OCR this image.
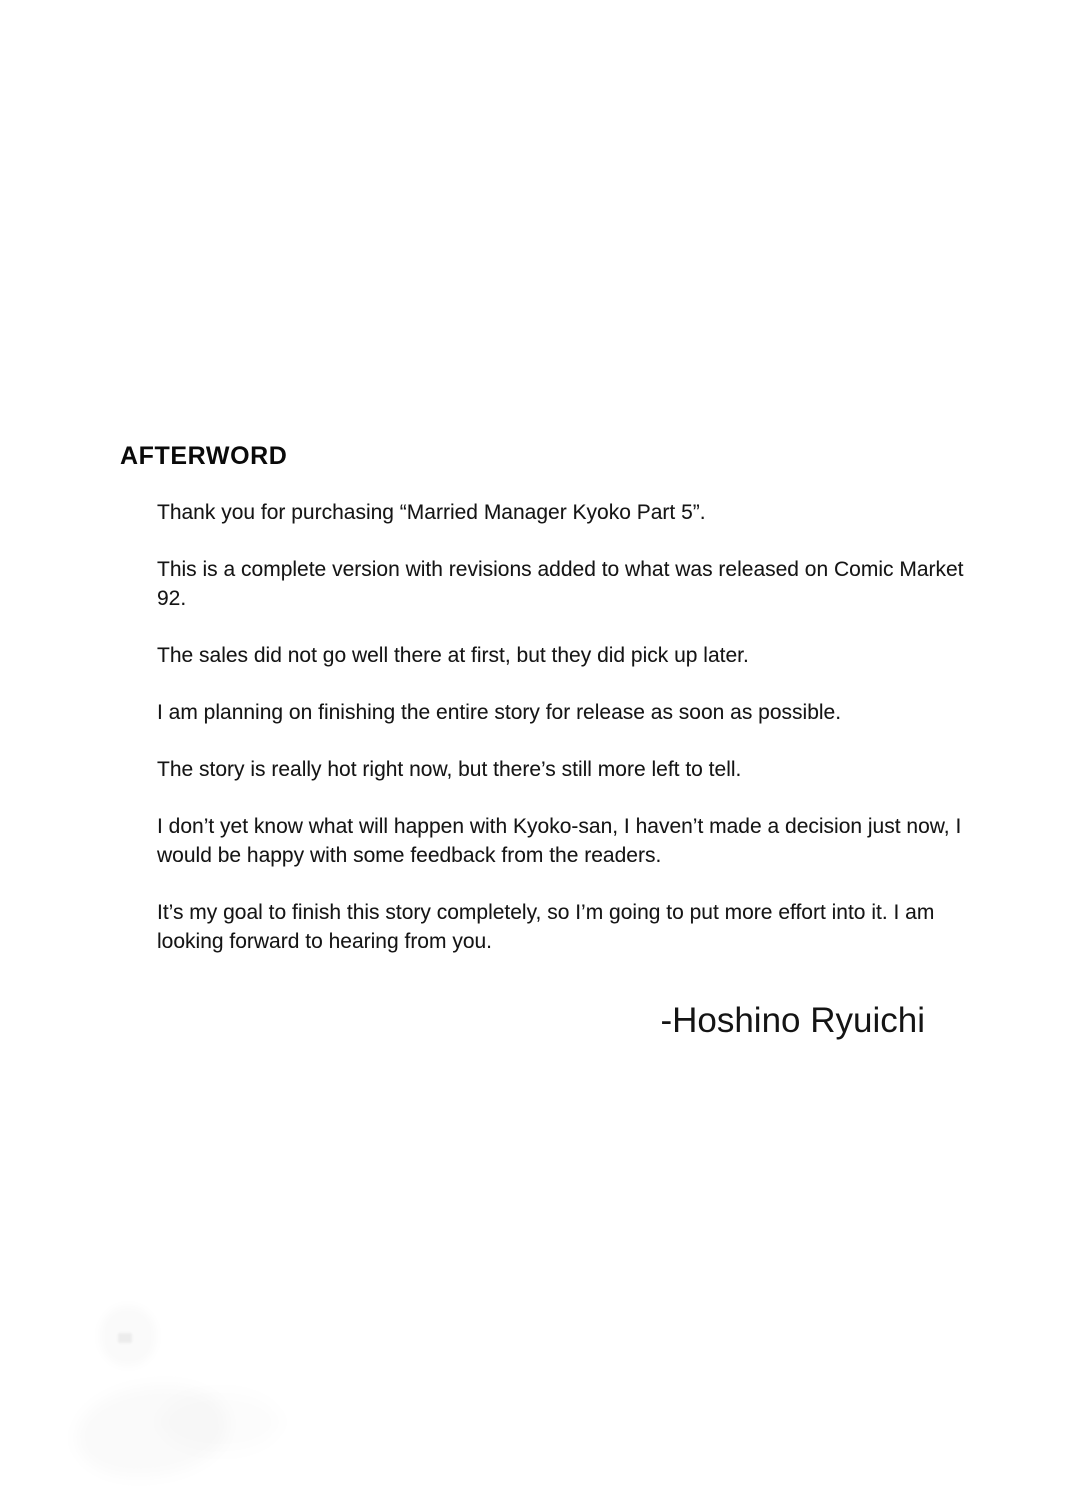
AFTERWORD
Thank you for purchasing “Married Manager Kyoko Part 5”.
This is a complete version with revisions added to what was released on Comic Market
92.
The sales did not go well there at first, but they did pick up later.
I am planning on finishing the entire story for release as soon as possible.
The story is really hot right now, but there’s still more left to tell.
I don’t yet know what will happen with Kyoko-san, I haven’t made a decision just now, I
would be happy with some feedback from the readers.
It’s my goal to finish this story completely, so I’m going to put more effort into it. I am
looking forward to hearing from you.
-Hoshino Ryuichi
